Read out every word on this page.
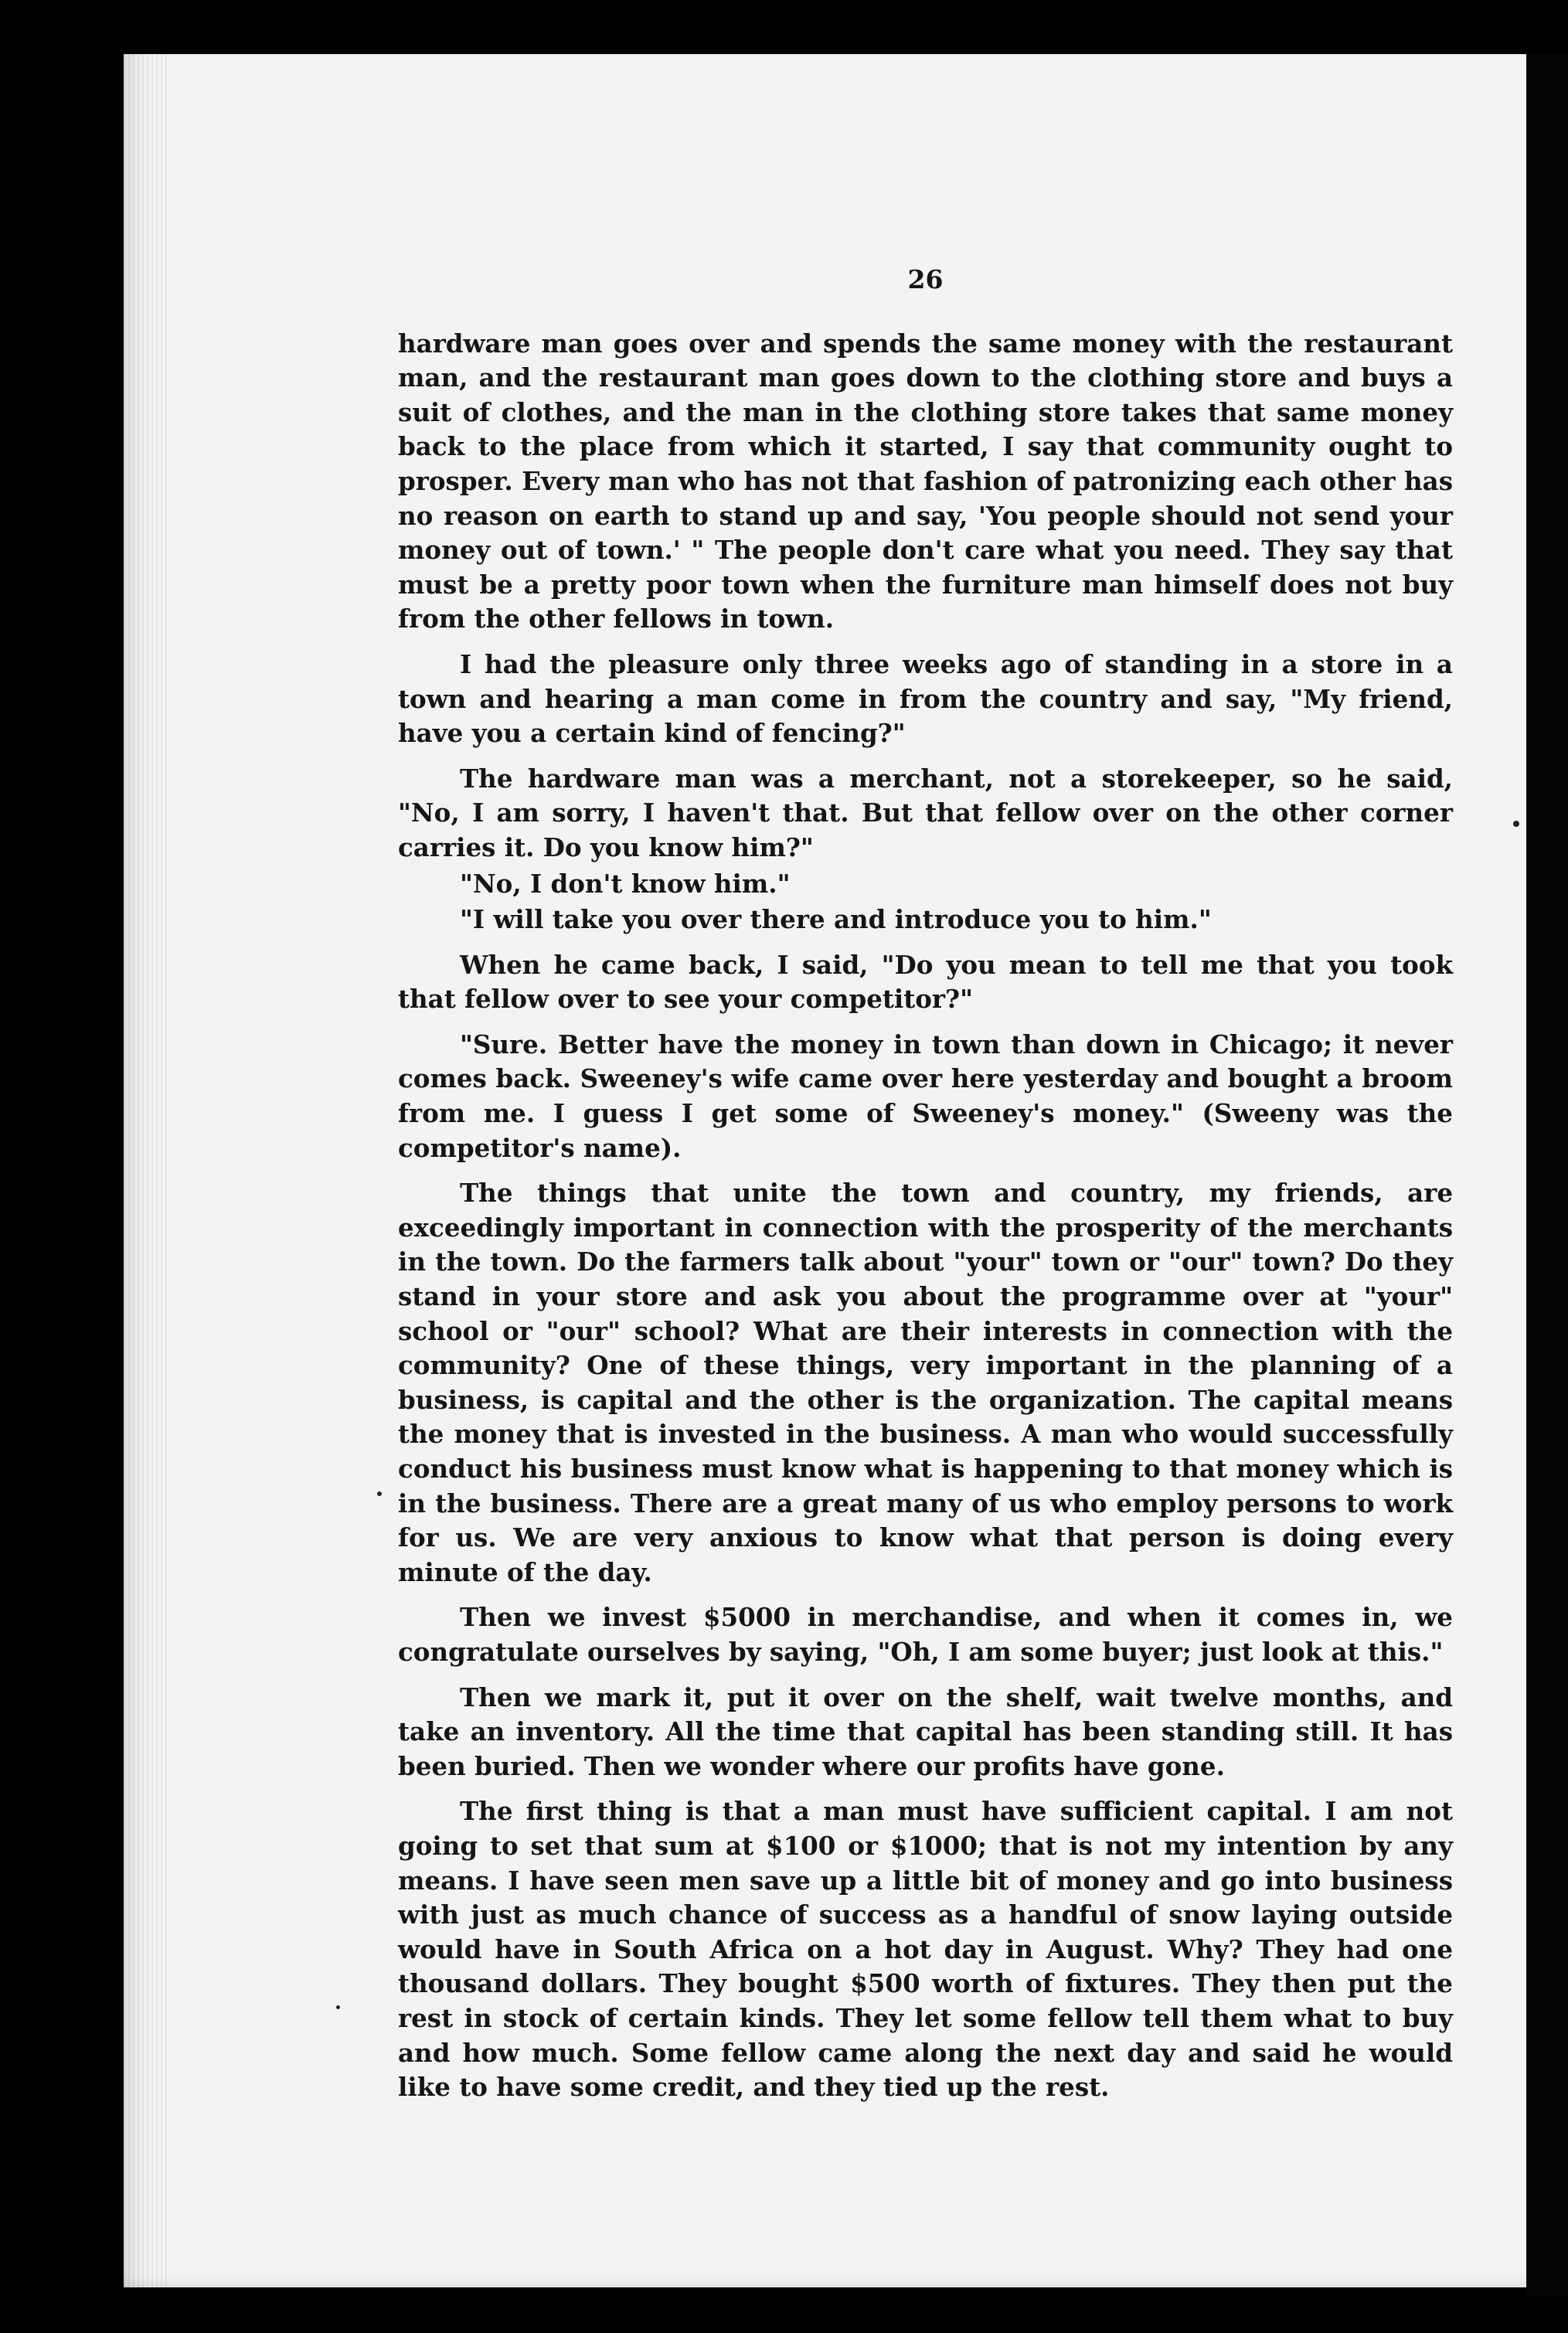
26

hardware man goes over and spends the same money with the restaurant man, and the restaurant man goes down to the clothing store and buys a suit of clothes, and the man in the clothing store takes that same money back to the place from which it started, I say that community ought to prosper. Every man who has not that fashion of patronizing each other has no reason on earth to stand up and say, 'You people should not send your money out of town.' " The people don't care what you need. They say that must be a pretty poor town when the furniture man himself does not buy from the other fellows in town.

I had the pleasure only three weeks ago of standing in a store in a town and hearing a man come in from the country and say, "My friend, have you a certain kind of fencing?"

The hardware man was a merchant, not a storekeeper, so he said, "No, I am sorry, I haven't that. But that fellow over on the other corner carries it. Do you know him?"

"No, I don't know him."

"I will take you over there and introduce you to him."

When he came back, I said, "Do you mean to tell me that you took that fellow over to see your competitor?"

"Sure. Better have the money in town than down in Chicago; it never comes back. Sweeney's wife came over here yesterday and bought a broom from me. I guess I get some of Sweeney's money." (Sweeny was the competitor's name).

The things that unite the town and country, my friends, are exceedingly important in connection with the prosperity of the merchants in the town. Do the farmers talk about "your" town or "our" town? Do they stand in your store and ask you about the programme over at "your" school or "our" school? What are their interests in connection with the community? One of these things, very important in the planning of a business, is capital and the other is the organization. The capital means the money that is invested in the business. A man who would successfully conduct his business must know what is happening to that money which is in the business. There are a great many of us who employ persons to work for us. We are very anxious to know what that person is doing every minute of the day.

Then we invest $5000 in merchandise, and when it comes in, we congratulate ourselves by saying, "Oh, I am some buyer; just look at this."

Then we mark it, put it over on the shelf, wait twelve months, and take an inventory. All the time that capital has been standing still. It has been buried. Then we wonder where our profits have gone.

The first thing is that a man must have sufficient capital. I am not going to set that sum at $100 or $1000; that is not my intention by any means. I have seen men save up a little bit of money and go into business with just as much chance of success as a handful of snow laying outside would have in South Africa on a hot day in August. Why? They had one thousand dollars. They bought $500 worth of fixtures. They then put the rest in stock of certain kinds. They let some fellow tell them what to buy and how much. Some fellow came along the next day and said he would like to have some credit, and they tied up the rest.
